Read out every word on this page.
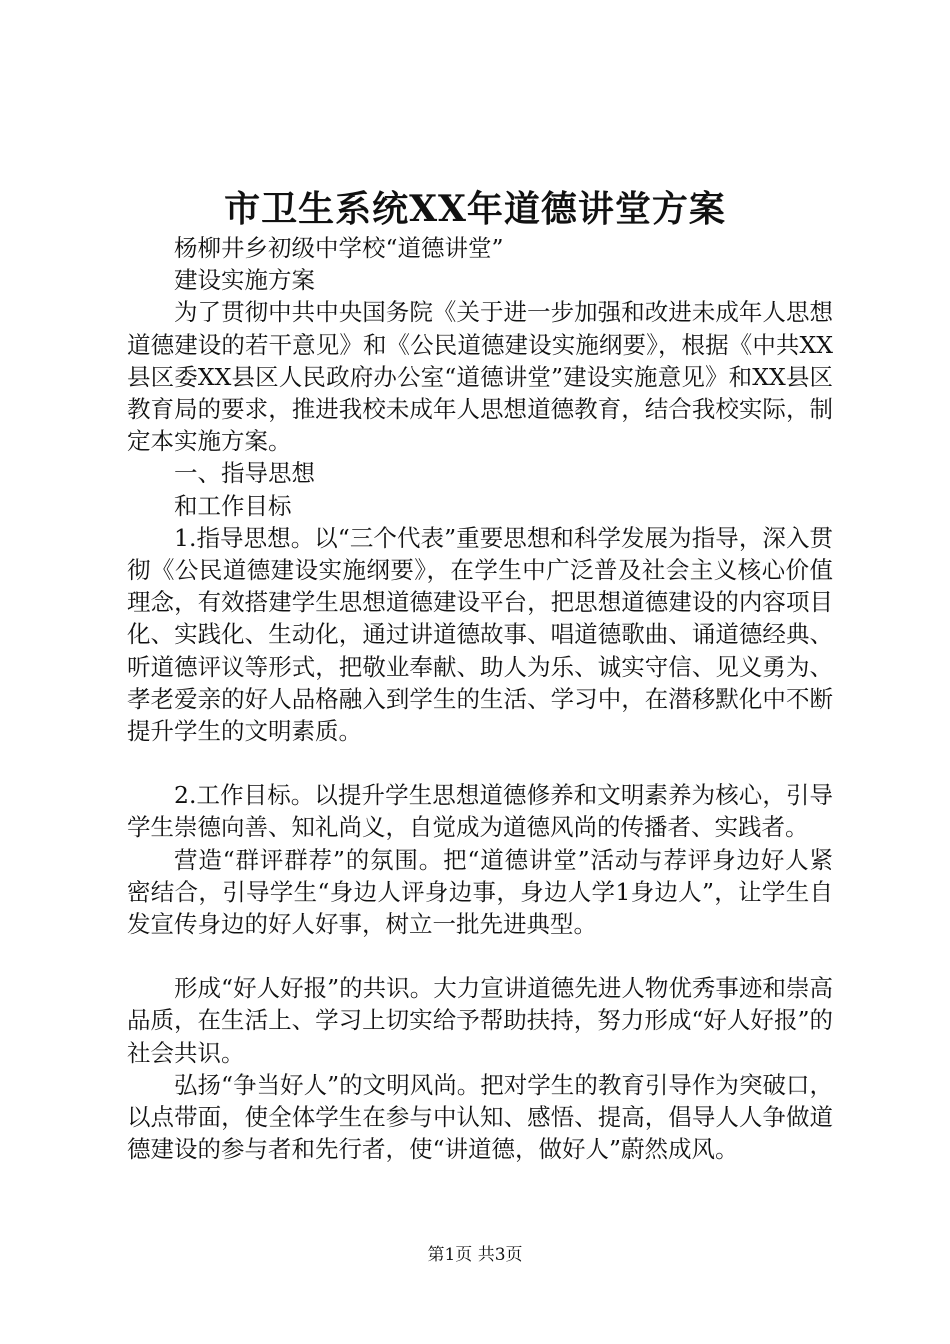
市卫生系统XX年道德讲堂方案

杨柳井乡初级中学校“道德讲堂”

建设实施方案

为了贯彻中共中央国务院《关于进一步加强和改进未成年人思想道德建设的若干意见》和《公民道德建设实施纲要》，根据《中共XX县区委XX县区人民政府办公室“道德讲堂”建设实施意见》和XX县区教育局的要求，推进我校未成年人思想道德教育，结合我校实际，制定本实施方案。

一、指导思想

和工作目标

1.指导思想。以“三个代表”重要思想和科学发展为指导，深入贯彻《公民道德建设实施纲要》，在学生中广泛普及社会主义核心价值理念，有效搭建学生思想道德建设平台，把思想道德建设的内容项目化、实践化、生动化，通过讲道德故事、唱道德歌曲、诵道德经典、听道德评议等形式，把敬业奉献、助人为乐、诚实守信、见义勇为、孝老爱亲的好人品格融入到学生的生活、学习中，在潜移默化中不断提升学生的文明素质。

2.工作目标。以提升学生思想道德修养和文明素养为核心，引导学生崇德向善、知礼尚义，自觉成为道德风尚的传播者、实践者。

营造“群评群荐”的氛围。把“道德讲堂”活动与荐评身边好人紧密结合，引导学生“身边人评身边事，身边人学1身边人”，让学生自发宣传身边的好人好事，树立一批先进典型。

形成“好人好报”的共识。大力宣讲道德先进人物优秀事迹和崇高品质，在生活上、学习上切实给予帮助扶持，努力形成“好人好报”的社会共识。

弘扬“争当好人”的文明风尚。把对学生的教育引导作为突破口，以点带面，使全体学生在参与中认知、感悟、提高，倡导人人争做道德建设的参与者和先行者，使“讲道德，做好人”蔚然成风。

第1页 共3页
